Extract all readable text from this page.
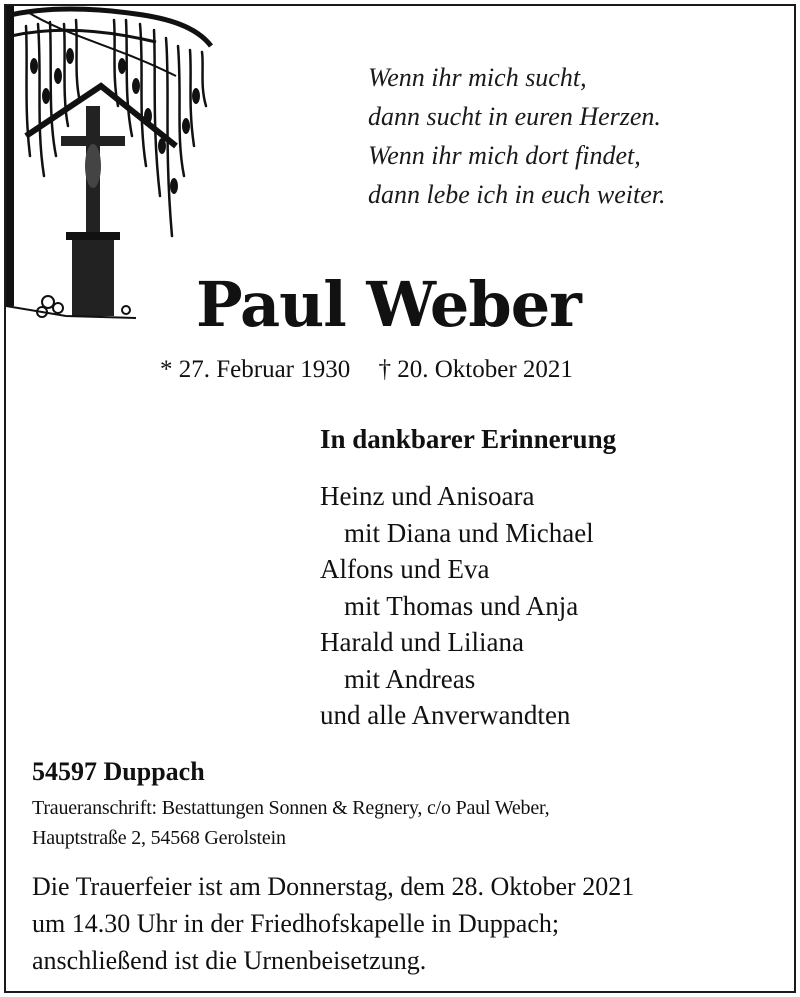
Wenn ihr mich sucht,
dann sucht in euren Herzen.
Wenn ihr mich dort findet,
dann lebe ich in euch weiter.
Paul Weber
* 27. Februar 1930 † 20. Oktober 2021
In dankbarer Erinnerung
Heinz und Anisoara
mit Diana und Michael
Alfons und Eva
mit Thomas und Anja
Harald und Liliana
mit Andreas
und alle Anverwandten
54597 Duppach
Traueranschrift: Bestattungen Sonnen & Regnery, c/o Paul Weber,
Hauptstraße 2, 54568 Gerolstein
Die Trauerfeier ist am Donnerstag, dem 28. Oktober 2021
um 14.30 Uhr in der Friedhofskapelle in Duppach;
anschließend ist die Urnenbeisetzung.
